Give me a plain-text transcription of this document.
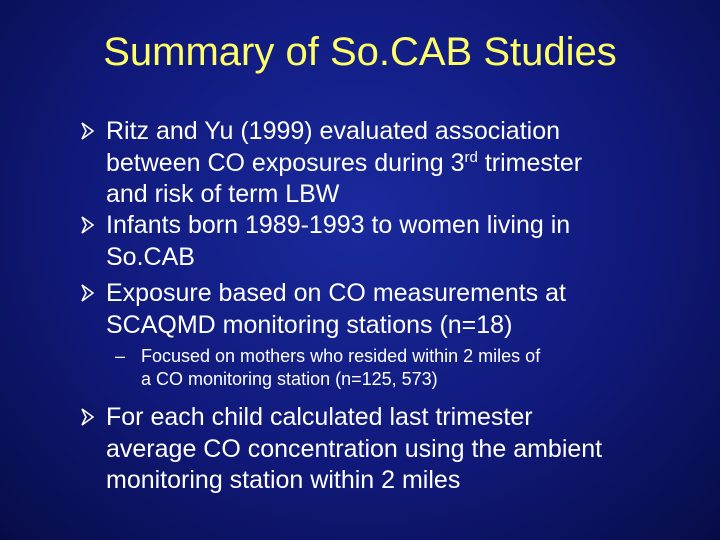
Summary of So.CAB Studies
Ritz and Yu (1999) evaluated association
between CO exposures during 3rd trimester
and risk of term LBW
Infants born 1989-1993 to women living in
So.CAB
Exposure based on CO measurements at
SCAQMD monitoring stations (n=18)
– Focused on mothers who resided within 2 miles of
a CO monitoring station (n=125, 573)
For each child calculated last trimester
average CO concentration using the ambient
monitoring station within 2 miles
